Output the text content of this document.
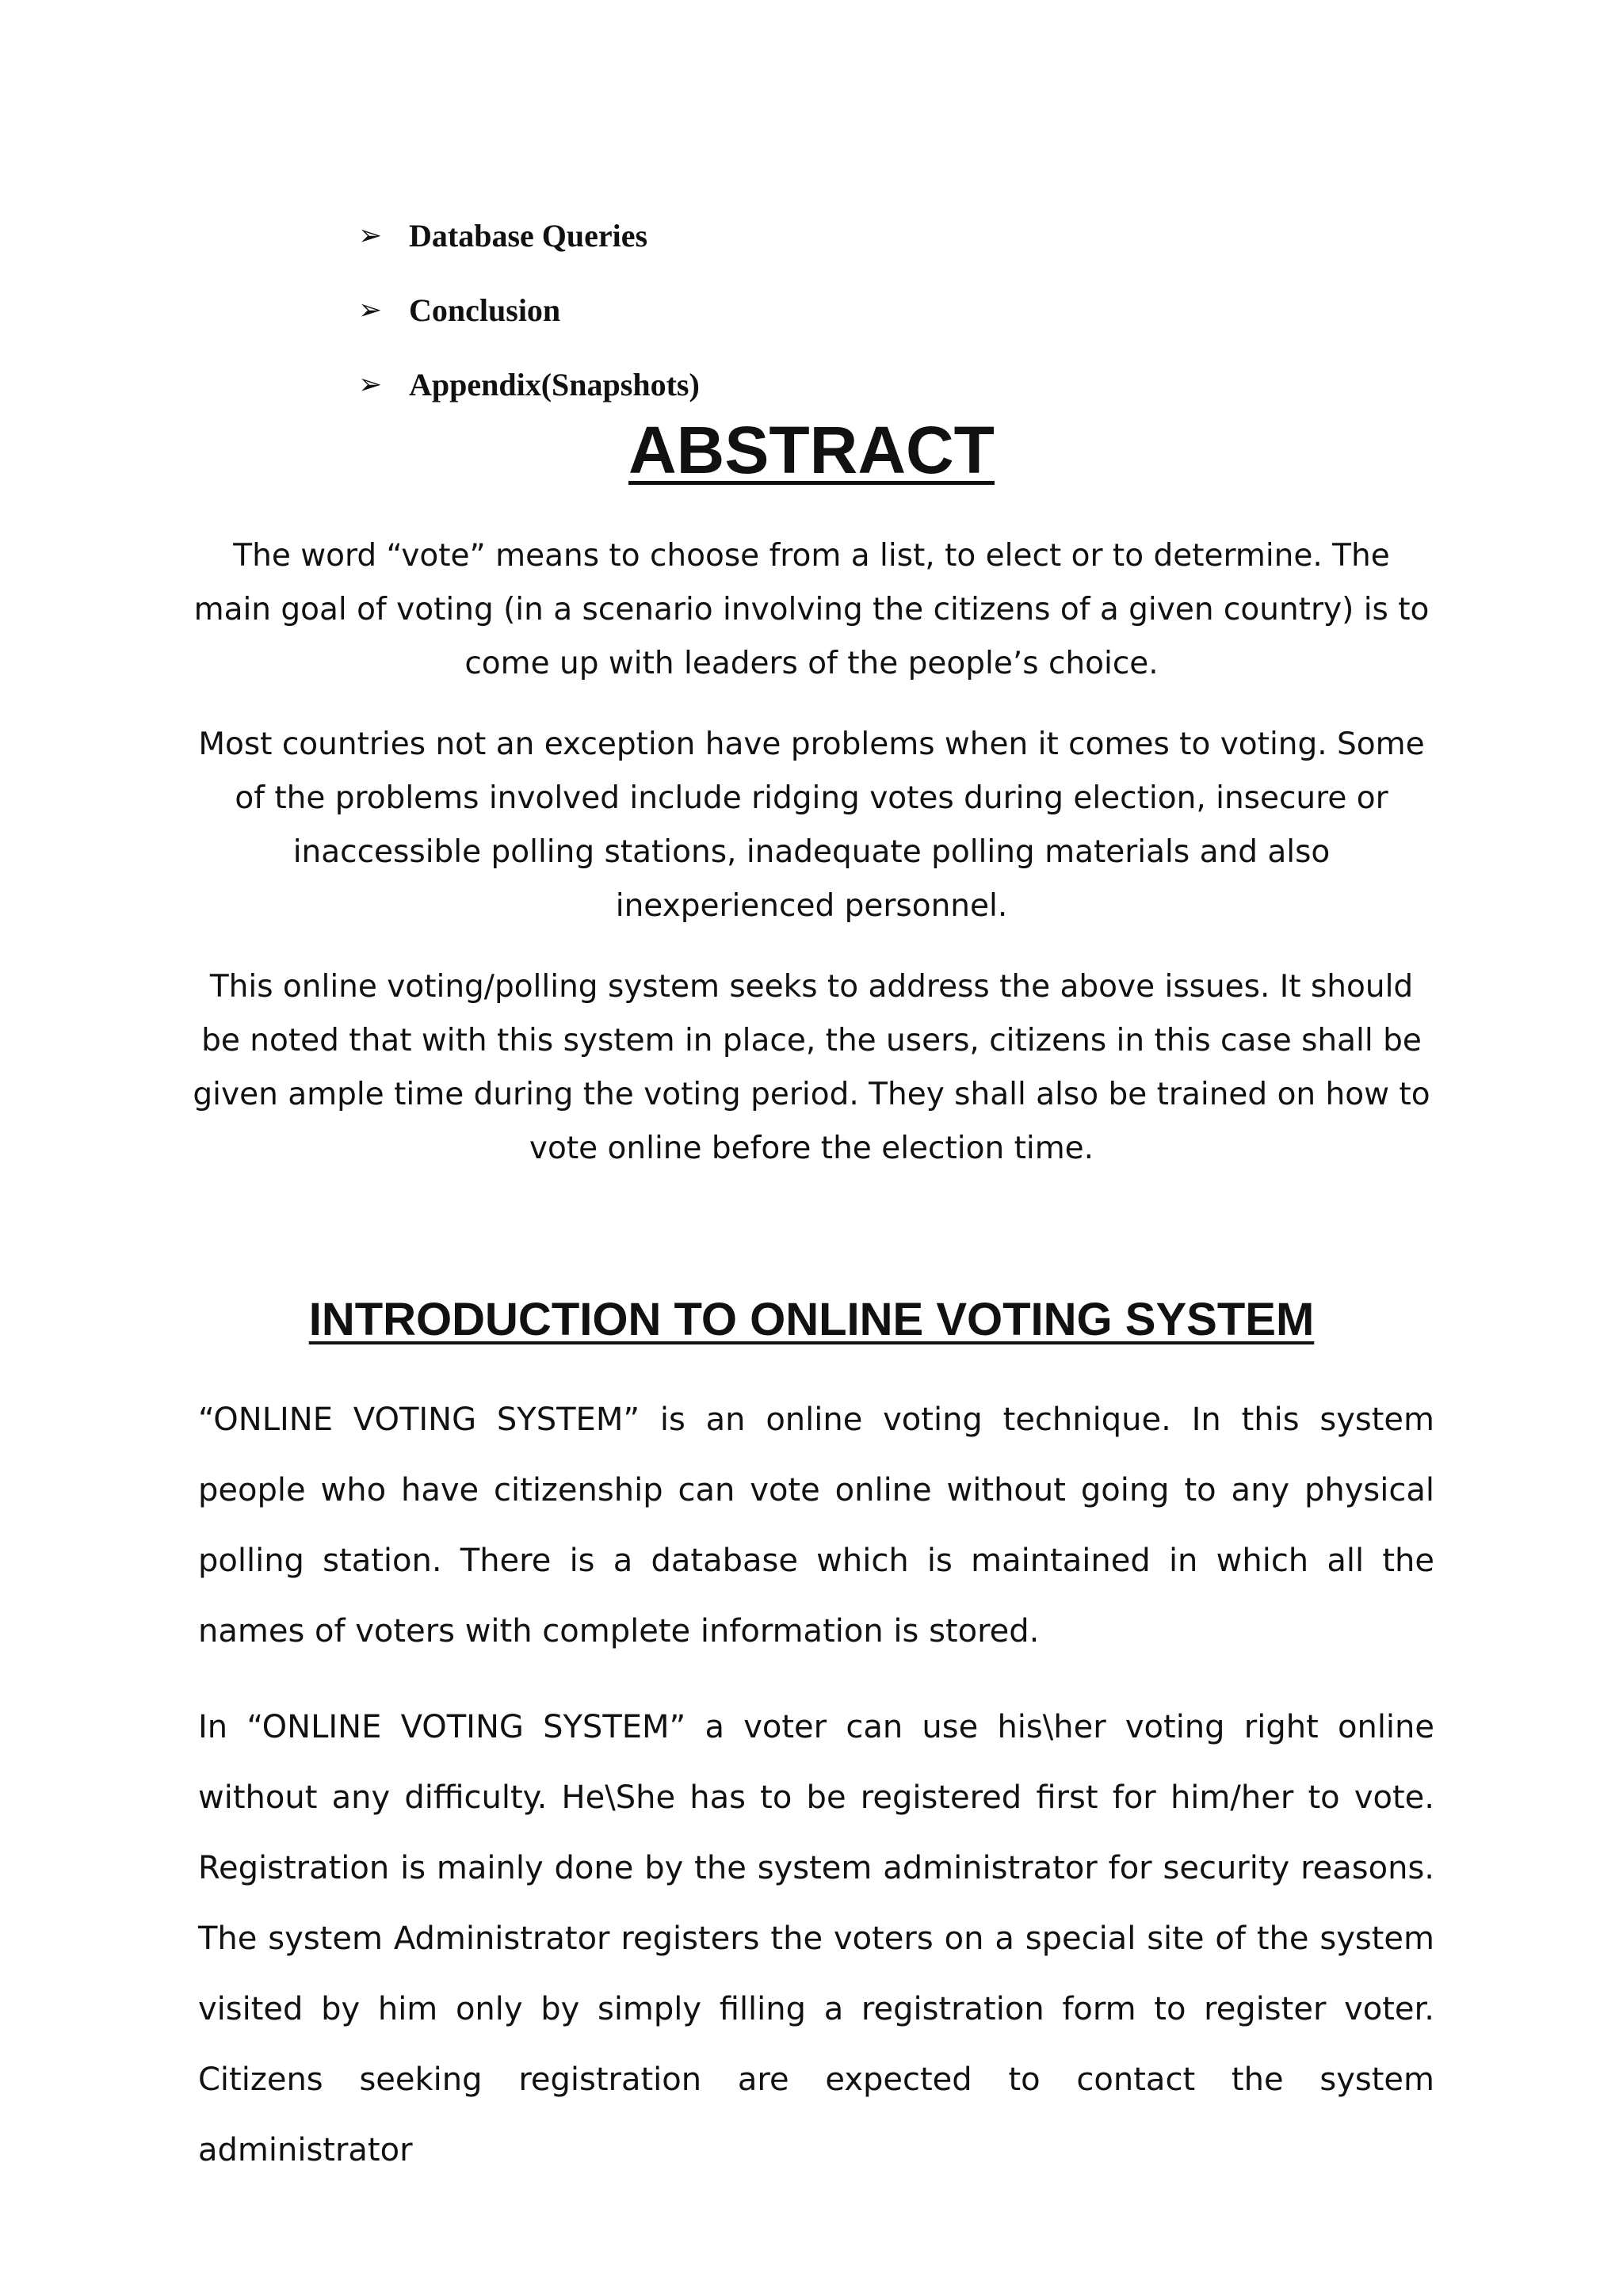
➢ Database Queries
➢ Conclusion
➢ Appendix(Snapshots)
ABSTRACT

The word “vote” means to choose from a list, to elect or to determine. The main goal of voting (in a scenario involving the citizens of a given country) is to come up with leaders of the people’s choice.

Most countries not an exception have problems when it comes to voting. Some of the problems involved include ridging votes during election, insecure or inaccessible polling stations, inadequate polling materials and also inexperienced personnel.

This online voting/polling system seeks to address the above issues. It should be noted that with this system in place, the users, citizens in this case shall be given ample time during the voting period. They shall also be trained on how to vote online before the election time.

INTRODUCTION TO ONLINE VOTING SYSTEM

“ONLINE VOTING SYSTEM” is an online voting technique. In this system people who have citizenship can vote online without going to any physical polling station. There is a database which is maintained in which all the names of voters with complete information is stored.

In “ONLINE VOTING SYSTEM” a voter can use his\her voting right online without any difficulty. He\She has to be registered first for him/her to vote. Registration is mainly done by the system administrator for security reasons. The system Administrator registers the voters on a special site of the system visited by him only by simply filling a registration form to register voter. Citizens seeking registration are expected to contact the system administrator
